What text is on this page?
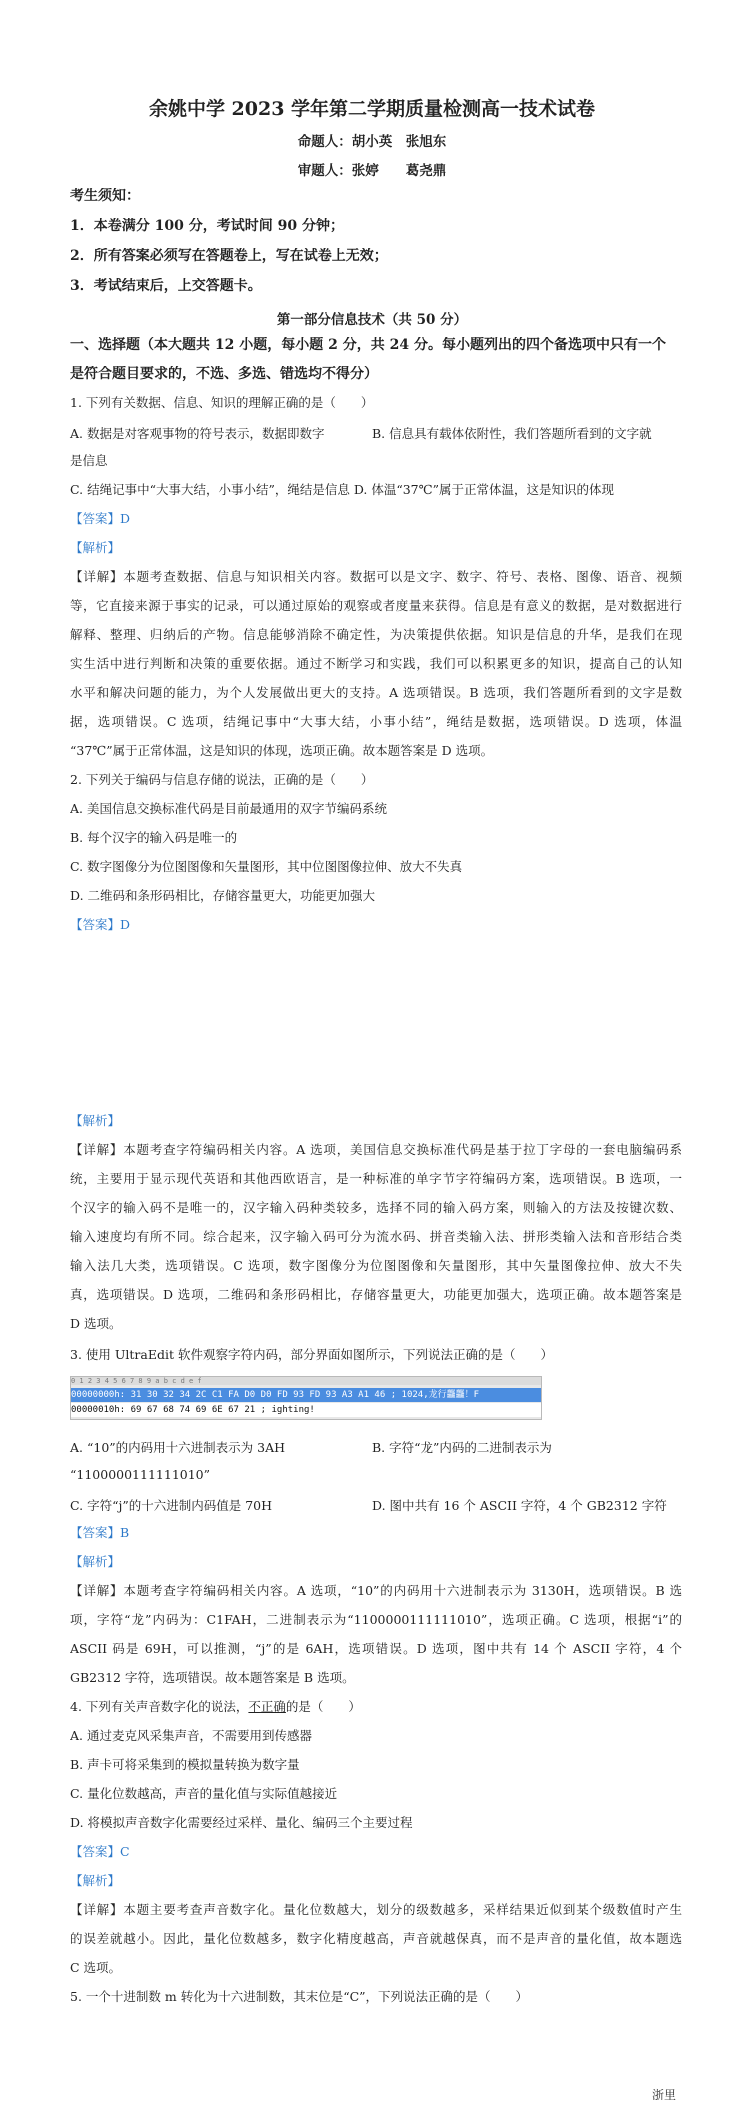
余姚中学 2023 学年第二学期质量检测高一技术试卷
命题人：胡小英　张旭东
审题人：张婷　　葛尧鼎
考生须知：
1．本卷满分 100 分，考试时间 90 分钟；
2．所有答案必须写在答题卷上，写在试卷上无效；
3．考试结束后，上交答题卡。
第一部分信息技术（共 50 分）
一、选择题（本大题共 12 小题，每小题 2 分，共 24 分。每小题列出的四个备选项中只有一个
是符合题目要求的，不选、多选、错选均不得分）
1. 下列有关数据、信息、知识的理解正确的是（　　）
A. 数据是对客观事物的符号表示，数据即数字	B. 信息具有载体依附性，我们答题所看到的文字就
是信息
C. 结绳记事中“大事大结，小事小结”，绳结是信息 D. 体温“37℃”属于正常体温，这是知识的体现
【答案】D
【解析】
【详解】本题考查数据、信息与知识相关内容。数据可以是文字、数字、符号、表格、图像、语音、视频
等，它直接来源于事实的记录，可以通过原始的观察或者度量来获得。信息是有意义的数据，是对数据进行
解释、整理、归纳后的产物。信息能够消除不确定性，为决策提供依据。知识是信息的升华，是我们在现
实生活中进行判断和决策的重要依据。通过不断学习和实践，我们可以积累更多的知识，提高自己的认知
水平和解决问题的能力，为个人发展做出更大的支持。A 选项错误。B 选项，我们答题所看到的文字是数
据，选项错误。C 选项，结绳记事中“大事大结，小事小结”，绳结是数据，选项错误。D 选项，体温
“37℃”属于正常体温，这是知识的体现，选项正确。故本题答案是 D 选项。
2. 下列关于编码与信息存储的说法，正确的是（　　）
A. 美国信息交换标准代码是目前最通用的双字节编码系统
B. 每个汉字的输入码是唯一的
C. 数字图像分为位图图像和矢量图形，其中位图图像拉伸、放大不失真
D. 二维码和条形码相比，存储容量更大，功能更加强大
【答案】D
【解析】
【详解】本题考查字符编码相关内容。A 选项，美国信息交换标准代码是基于拉丁字母的一套电脑编码系
统，主要用于显示现代英语和其他西欧语言，是一种标准的单字节字符编码方案，选项错误。B 选项，一
个汉字的输入码不是唯一的，汉字输入码种类较多，选择不同的输入码方案，则输入的方法及按键次数、
输入速度均有所不同。综合起来，汉字输入码可分为流水码、拼音类输入法、拼形类输入法和音形结合类
输入法几大类，选项错误。C 选项，数字图像分为位图图像和矢量图形，其中矢量图像拉伸、放大不失
真，选项错误。D 选项，二维码和条形码相比，存储容量更大，功能更加强大，选项正确。故本题答案是
D 选项。
3. 使用 UltraEdit 软件观察字符内码，部分界面如图所示，下列说法正确的是（　　）
0 1 2 3 4 5 6 7 8 9 a b c d e f
00000000h: 31 30 32 34 2C C1 FA D0 D0 FD 93 FD 93 A3 A1 46 ; 1024,龙行龘龘！F
00000010h: 69 67 68 74 69 6E 67 21 ; ighting!
A. “10”的内码用十六进制表示为 3AH	B. 字符“龙”内码的二进制表示为
“1100000111111010”
C. 字符“j”的十六进制内码值是 70H	D. 图中共有 16 个 ASCII 字符，4 个 GB2312 字符
【答案】B
【解析】
【详解】本题考查字符编码相关内容。A 选项，“10”的内码用十六进制表示为 3130H，选项错误。B 选
项，字符“龙”内码为：C1FAH，二进制表示为“1100000111111010”，选项正确。C 选项，根据“i”的
ASCII 码是 69H，可以推测，“j”的是 6AH，选项错误。D 选项，图中共有 14 个 ASCII 字符，4 个
GB2312 字符，选项错误。故本题答案是 B 选项。
4. 下列有关声音数字化的说法，不正确的是（　　）
A. 通过麦克风采集声音，不需要用到传感器
B. 声卡可将采集到的模拟量转换为数字量
C. 量化位数越高，声音的量化值与实际值越接近
D. 将模拟声音数字化需要经过采样、量化、编码三个主要过程
【答案】C
【解析】
【详解】本题主要考查声音数字化。量化位数越大，划分的级数越多，采样结果近似到某个级数值时产生
的误差就越小。因此，量化位数越多，数字化精度越高，声音就越保真，而不是声音的量化值，故本题选
C 选项。
5. 一个十进制数 m 转化为十六进制数，其末位是“C”，下列说法正确的是（　　）
浙里
